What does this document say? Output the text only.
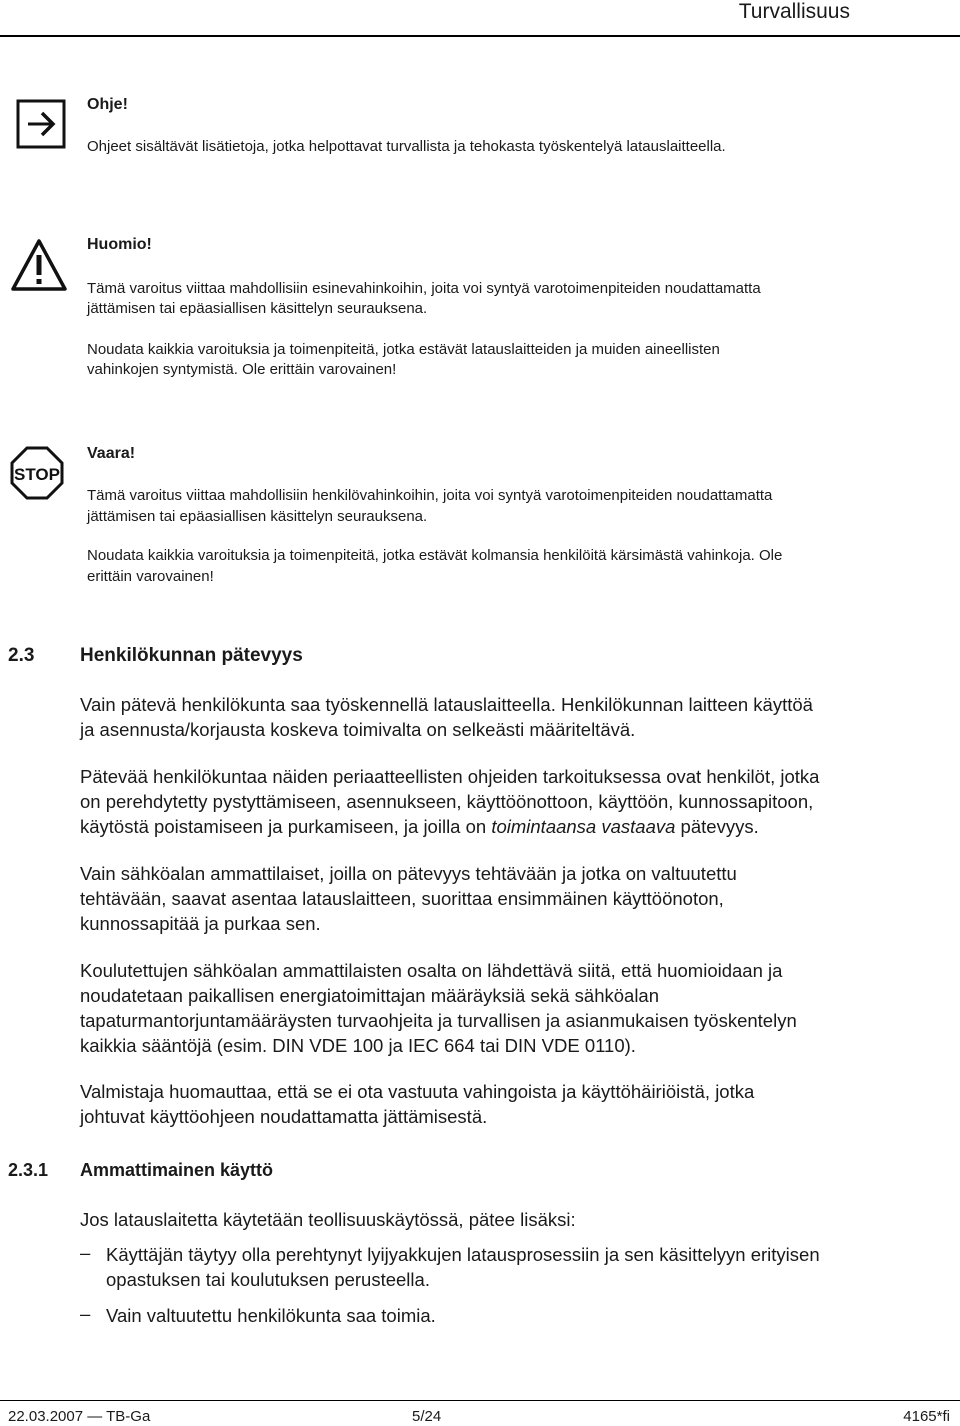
Turvallisuus
Ohje!
Ohjeet sisältävät lisätietoja, jotka helpottavat turvallista ja tehokasta työskentelyä latauslaitteella.
Huomio!
Tämä varoitus viittaa mahdollisiin esinevahinkoihin, joita voi syntyä varotoimenpiteiden noudattamatta
jättämisen tai epäasiallisen käsittelyn seurauksena.
Noudata kaikkia varoituksia ja toimenpiteitä, jotka estävät latauslaitteiden ja muiden aineellisten
vahinkojen syntymistä. Ole erittäin varovainen!
STOP
Vaara!
Tämä varoitus viittaa mahdollisiin henkilövahinkoihin, joita voi syntyä varotoimenpiteiden noudattamatta
jättämisen tai epäasiallisen käsittelyn seurauksena.
Noudata kaikkia varoituksia ja toimenpiteitä, jotka estävät kolmansia henkilöitä kärsimästä vahinkoja. Ole
erittäin varovainen!
2.3 Henkilökunnan pätevyys
Vain pätevä henkilökunta saa työskennellä latauslaitteella. Henkilökunnan laitteen käyttöä
ja asennusta/korjausta koskeva toimivalta on selkeästi määriteltävä.
Pätevää henkilökuntaa näiden periaatteellisten ohjeiden tarkoituksessa ovat henkilöt, jotka
on perehdytetty pystyttämiseen, asennukseen, käyttöönottoon, käyttöön, kunnossapitoon,
käytöstä poistamiseen ja purkamiseen, ja joilla on toimintaansa vastaava pätevyys.
Vain sähköalan ammattilaiset, joilla on pätevyys tehtävään ja jotka on valtuutettu
tehtävään, saavat asentaa latauslaitteen, suorittaa ensimmäinen käyttöönoton,
kunnossapitää ja purkaa sen.
Koulutettujen sähköalan ammattilaisten osalta on lähdettävä siitä, että huomioidaan ja
noudatetaan paikallisen energiatoimittajan määräyksiä sekä sähköalan
tapaturmantorjuntamääräysten turvaohjeita ja turvallisen ja asianmukaisen työskentelyn
kaikkia sääntöjä (esim. DIN VDE 100 ja IEC 664 tai DIN VDE 0110).
Valmistaja huomauttaa, että se ei ota vastuuta vahingoista ja käyttöhäiriöistä, jotka
johtuvat käyttöohjeen noudattamatta jättämisestä.
2.3.1 Ammattimainen käyttö
Jos latauslaitetta käytetään teollisuuskäytössä, pätee lisäksi:
– Käyttäjän täytyy olla perehtynyt lyijyakkujen latausprosessiin ja sen käsittelyyn erityisen
opastuksen tai koulutuksen perusteella.
– Vain valtuutettu henkilökunta saa toimia.
22.03.2007 — TB-Ga	5/24	4165*fi
